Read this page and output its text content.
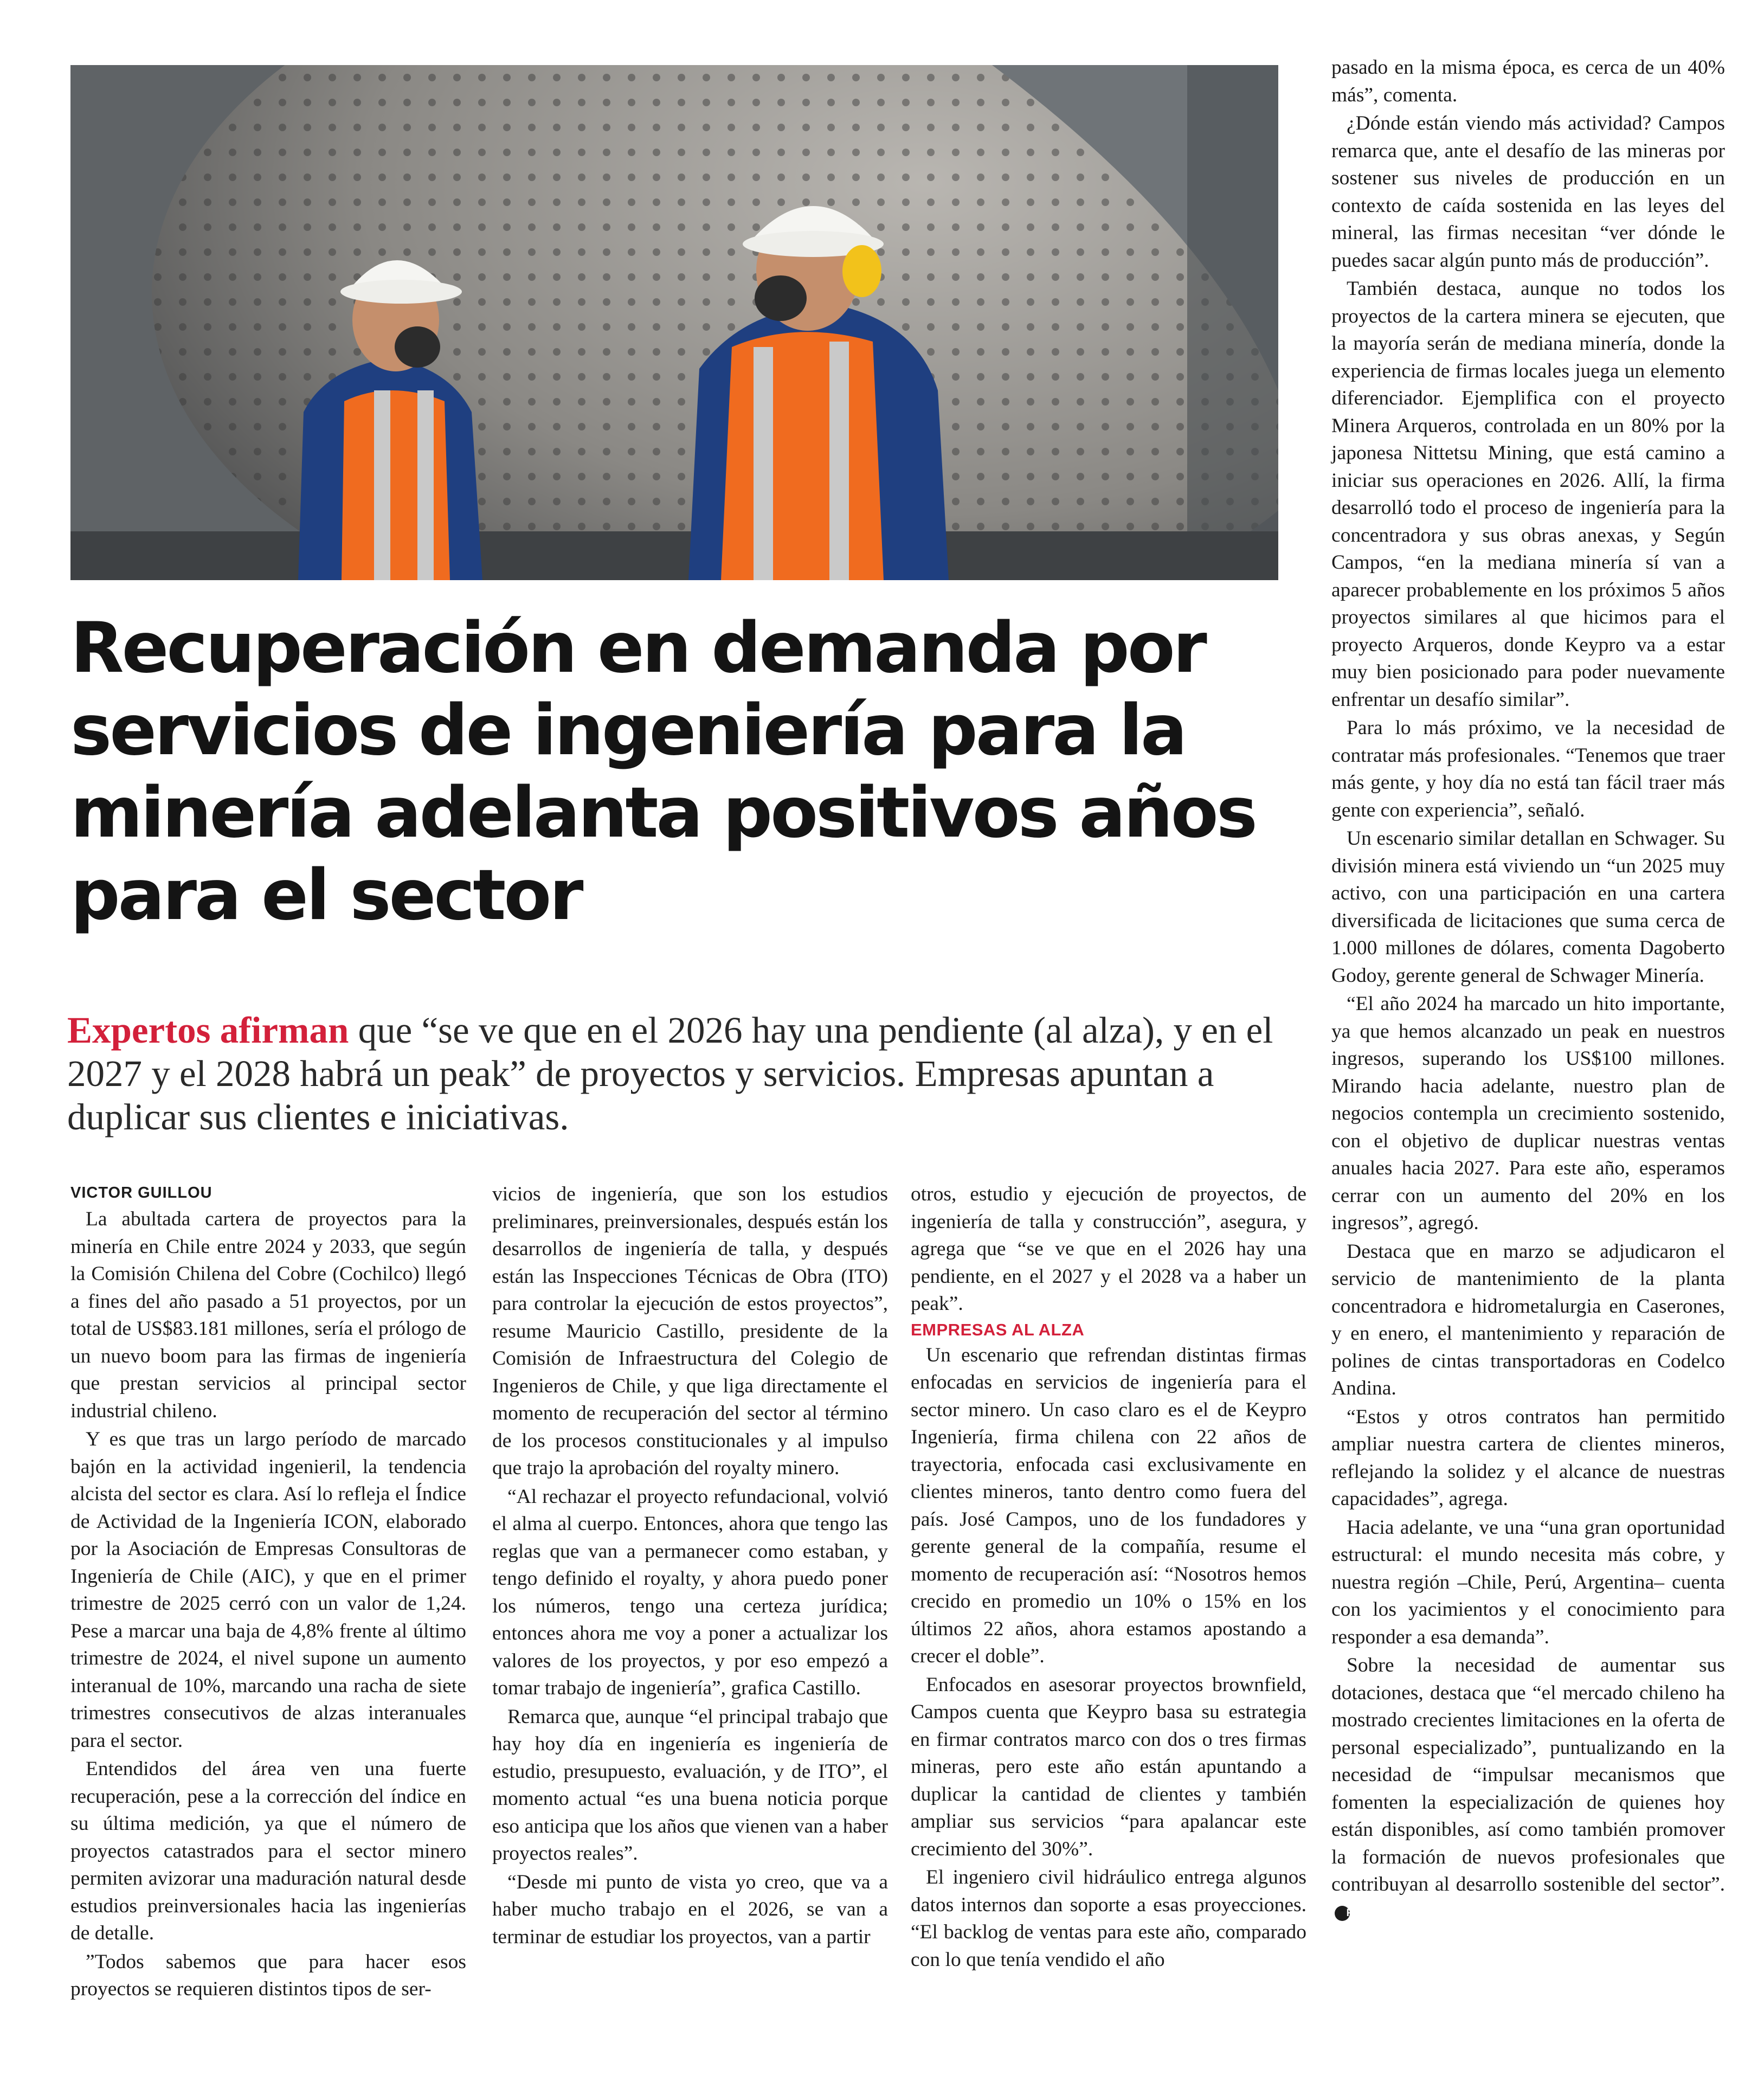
Recuperación en demanda por servicios de ingeniería para la minería adelanta positivos años para el sector

Expertos afirman que “se ve que en el 2026 hay una pendiente (al alza), y en el 2027 y el 2028 habrá un peak” de proyectos y servicios. Empresas apuntan a duplicar sus clientes e iniciativas.

VICTOR GUILLOU

La abultada cartera de proyectos para la minería en Chile entre 2024 y 2033, que según la Comisión Chilena del Cobre (Cochilco) llegó a fines del año pasado a 51 proyectos, por un total de US$83.181 millones, sería el prólogo de un nuevo boom para las firmas de ingeniería que prestan servicios al principal sector industrial chileno.

Y es que tras un largo período de marcado bajón en la actividad ingenieril, la tendencia alcista del sector es clara. Así lo refleja el Índice de Actividad de la Ingeniería ICON, elaborado por la Asociación de Empresas Consultoras de Ingeniería de Chile (AIC), y que en el primer trimestre de 2025 cerró con un valor de 1,24. Pese a marcar una baja de 4,8% frente al último trimestre de 2024, el nivel supone un aumento interanual de 10%, marcando una racha de siete trimestres consecutivos de alzas interanuales para el sector.

Entendidos del área ven una fuerte recuperación, pese a la corrección del índice en su última medición, ya que el número de proyectos catastrados para el sector minero permiten avizorar una maduración natural desde estudios preinversionales hacia las ingenierías de detalle.

”Todos sabemos que para hacer esos proyectos se requieren distintos tipos de ser-

vicios de ingeniería, que son los estudios preliminares, preinversionales, después están los desarrollos de ingeniería de talla, y después están las Inspecciones Técnicas de Obra (ITO) para controlar la ejecución de estos proyectos”, resume Mauricio Castillo, presidente de la Comisión de Infraestructura del Colegio de Ingenieros de Chile, y que liga directamente el momento de recuperación del sector al término de los procesos constitucionales y al impulso que trajo la aprobación del royalty minero.

“Al rechazar el proyecto refundacional, volvió el alma al cuerpo. Entonces, ahora que tengo las reglas que van a permanecer como estaban, y tengo definido el royalty, y ahora puedo poner los números, tengo una certeza jurídica; entonces ahora me voy a poner a actualizar los valores de los proyectos, y por eso empezó a tomar trabajo de ingeniería”, grafica Castillo.

Remarca que, aunque “el principal trabajo que hay hoy día en ingeniería es ingeniería de estudio, presupuesto, evaluación, y de ITO”, el momento actual “es una buena noticia porque eso anticipa que los años que vienen van a haber proyectos reales”.

“Desde mi punto de vista yo creo, que va a haber mucho trabajo en el 2026, se van a terminar de estudiar los proyectos, van a partir

otros, estudio y ejecución de proyectos, de ingeniería de talla y construcción”, asegura, y agrega que “se ve que en el 2026 hay una pendiente, en el 2027 y el 2028 va a haber un peak”.

EMPRESAS AL ALZA

Un escenario que refrendan distintas firmas enfocadas en servicios de ingeniería para el sector minero. Un caso claro es el de Keypro Ingeniería, firma chilena con 22 años de trayectoria, enfocada casi exclusivamente en clientes mineros, tanto dentro como fuera del país. José Campos, uno de los fundadores y gerente general de la compañía, resume el momento de recuperación así: “Nosotros hemos crecido en promedio un 10% o 15% en los últimos 22 años, ahora estamos apostando a crecer el doble”.

Enfocados en asesorar proyectos brownfield, Campos cuenta que Keypro basa su estrategia en firmar contratos marco con dos o tres firmas mineras, pero este año están apuntando a duplicar la cantidad de clientes y también ampliar sus servicios “para apalancar este crecimiento del 30%”.

El ingeniero civil hidráulico entrega algunos datos internos dan soporte a esas proyecciones. “El backlog de ventas para este año, comparado con lo que tenía vendido el año

pasado en la misma época, es cerca de un 40% más”, comenta.

¿Dónde están viendo más actividad? Campos remarca que, ante el desafío de las mineras por sostener sus niveles de producción en un contexto de caída sostenida en las leyes del mineral, las firmas necesitan “ver dónde le puedes sacar algún punto más de producción”.

También destaca, aunque no todos los proyectos de la cartera minera se ejecuten, que la mayoría serán de mediana minería, donde la experiencia de firmas locales juega un elemento diferenciador. Ejemplifica con el proyecto Minera Arqueros, controlada en un 80% por la japonesa Nittetsu Mining, que está camino a iniciar sus operaciones en 2026. Allí, la firma desarrolló todo el proceso de ingeniería para la concentradora y sus obras anexas, y Según Campos, “en la mediana minería sí van a aparecer probablemente en los próximos 5 años proyectos similares al que hicimos para el proyecto Arqueros, donde Keypro va a estar muy bien posicionado para poder nuevamente enfrentar un desafío similar”.

Para lo más próximo, ve la necesidad de contratar más profesionales. “Tenemos que traer más gente, y hoy día no está tan fácil traer más gente con experiencia”, señaló.

Un escenario similar detallan en Schwager. Su división minera está viviendo un “un 2025 muy activo, con una participación en una cartera diversificada de licitaciones que suma cerca de 1.000 millones de dólares, comenta Dagoberto Godoy, gerente general de Schwager Minería.

“El año 2024 ha marcado un hito importante, ya que hemos alcanzado un peak en nuestros ingresos, superando los US$100 millones. Mirando hacia adelante, nuestro plan de negocios contempla un crecimiento sostenido, con el objetivo de duplicar nuestras ventas anuales hacia 2027. Para este año, esperamos cerrar con un aumento del 20% en los ingresos”, agregó.

Destaca que en marzo se adjudicaron el servicio de mantenimiento de la planta concentradora e hidrometalurgia en Caserones, y en enero, el mantenimiento y reparación de polines de cintas transportadoras en Codelco Andina.

“Estos y otros contratos han permitido ampliar nuestra cartera de clientes mineros, reflejando la solidez y el alcance de nuestras capacidades”, agrega.

Hacia adelante, ve una “una gran oportunidad estructural: el mundo necesita más cobre, y nuestra región –Chile, Perú, Argentina– cuenta con los yacimientos y el conocimiento para responder a esa demanda”.

Sobre la necesidad de aumentar sus dotaciones, destaca que “el mercado chileno ha mostrado crecientes limitaciones en la oferta de personal especializado”, puntualizando en la necesidad de “impulsar mecanismos que fomenten la especialización de quienes hoy están disponibles, así como también promover la formación de nuevos profesionales que contribuyan al desarrollo sostenible del sector”.P
